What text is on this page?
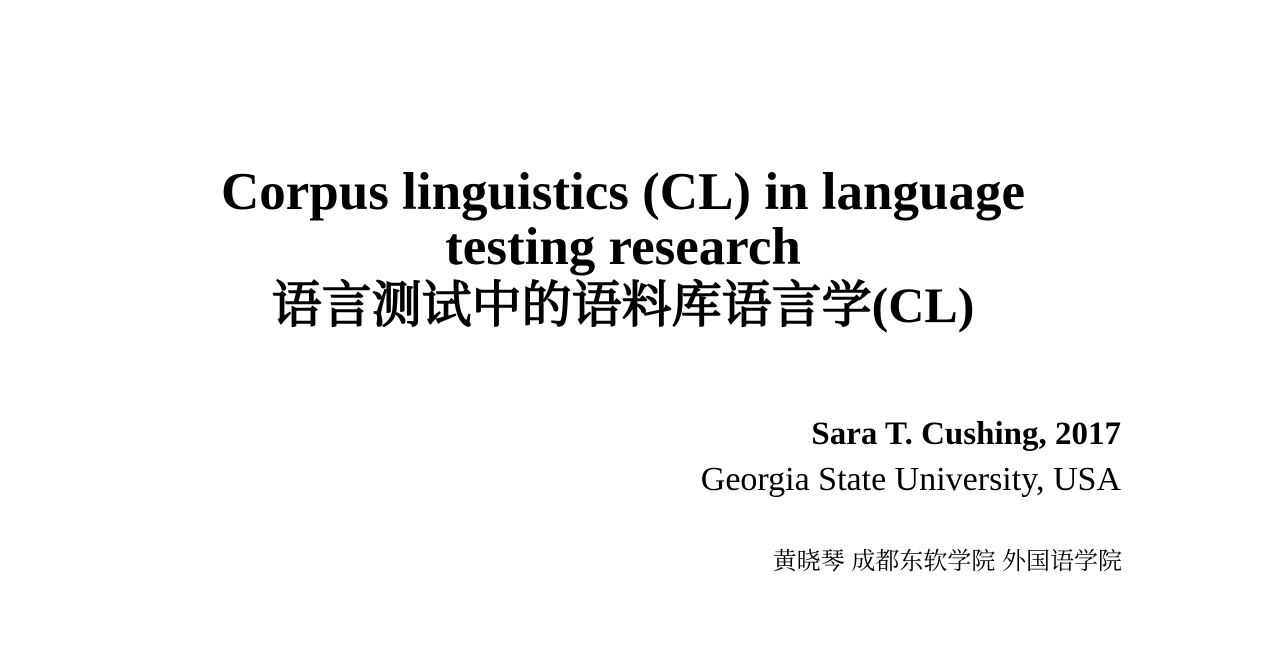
Corpus linguistics (CL) in language
testing research
语言测试中的语料库语言学(CL)
Sara T. Cushing, 2017
Georgia State University, USA
黄晓琴 成都东软学院 外国语学院
